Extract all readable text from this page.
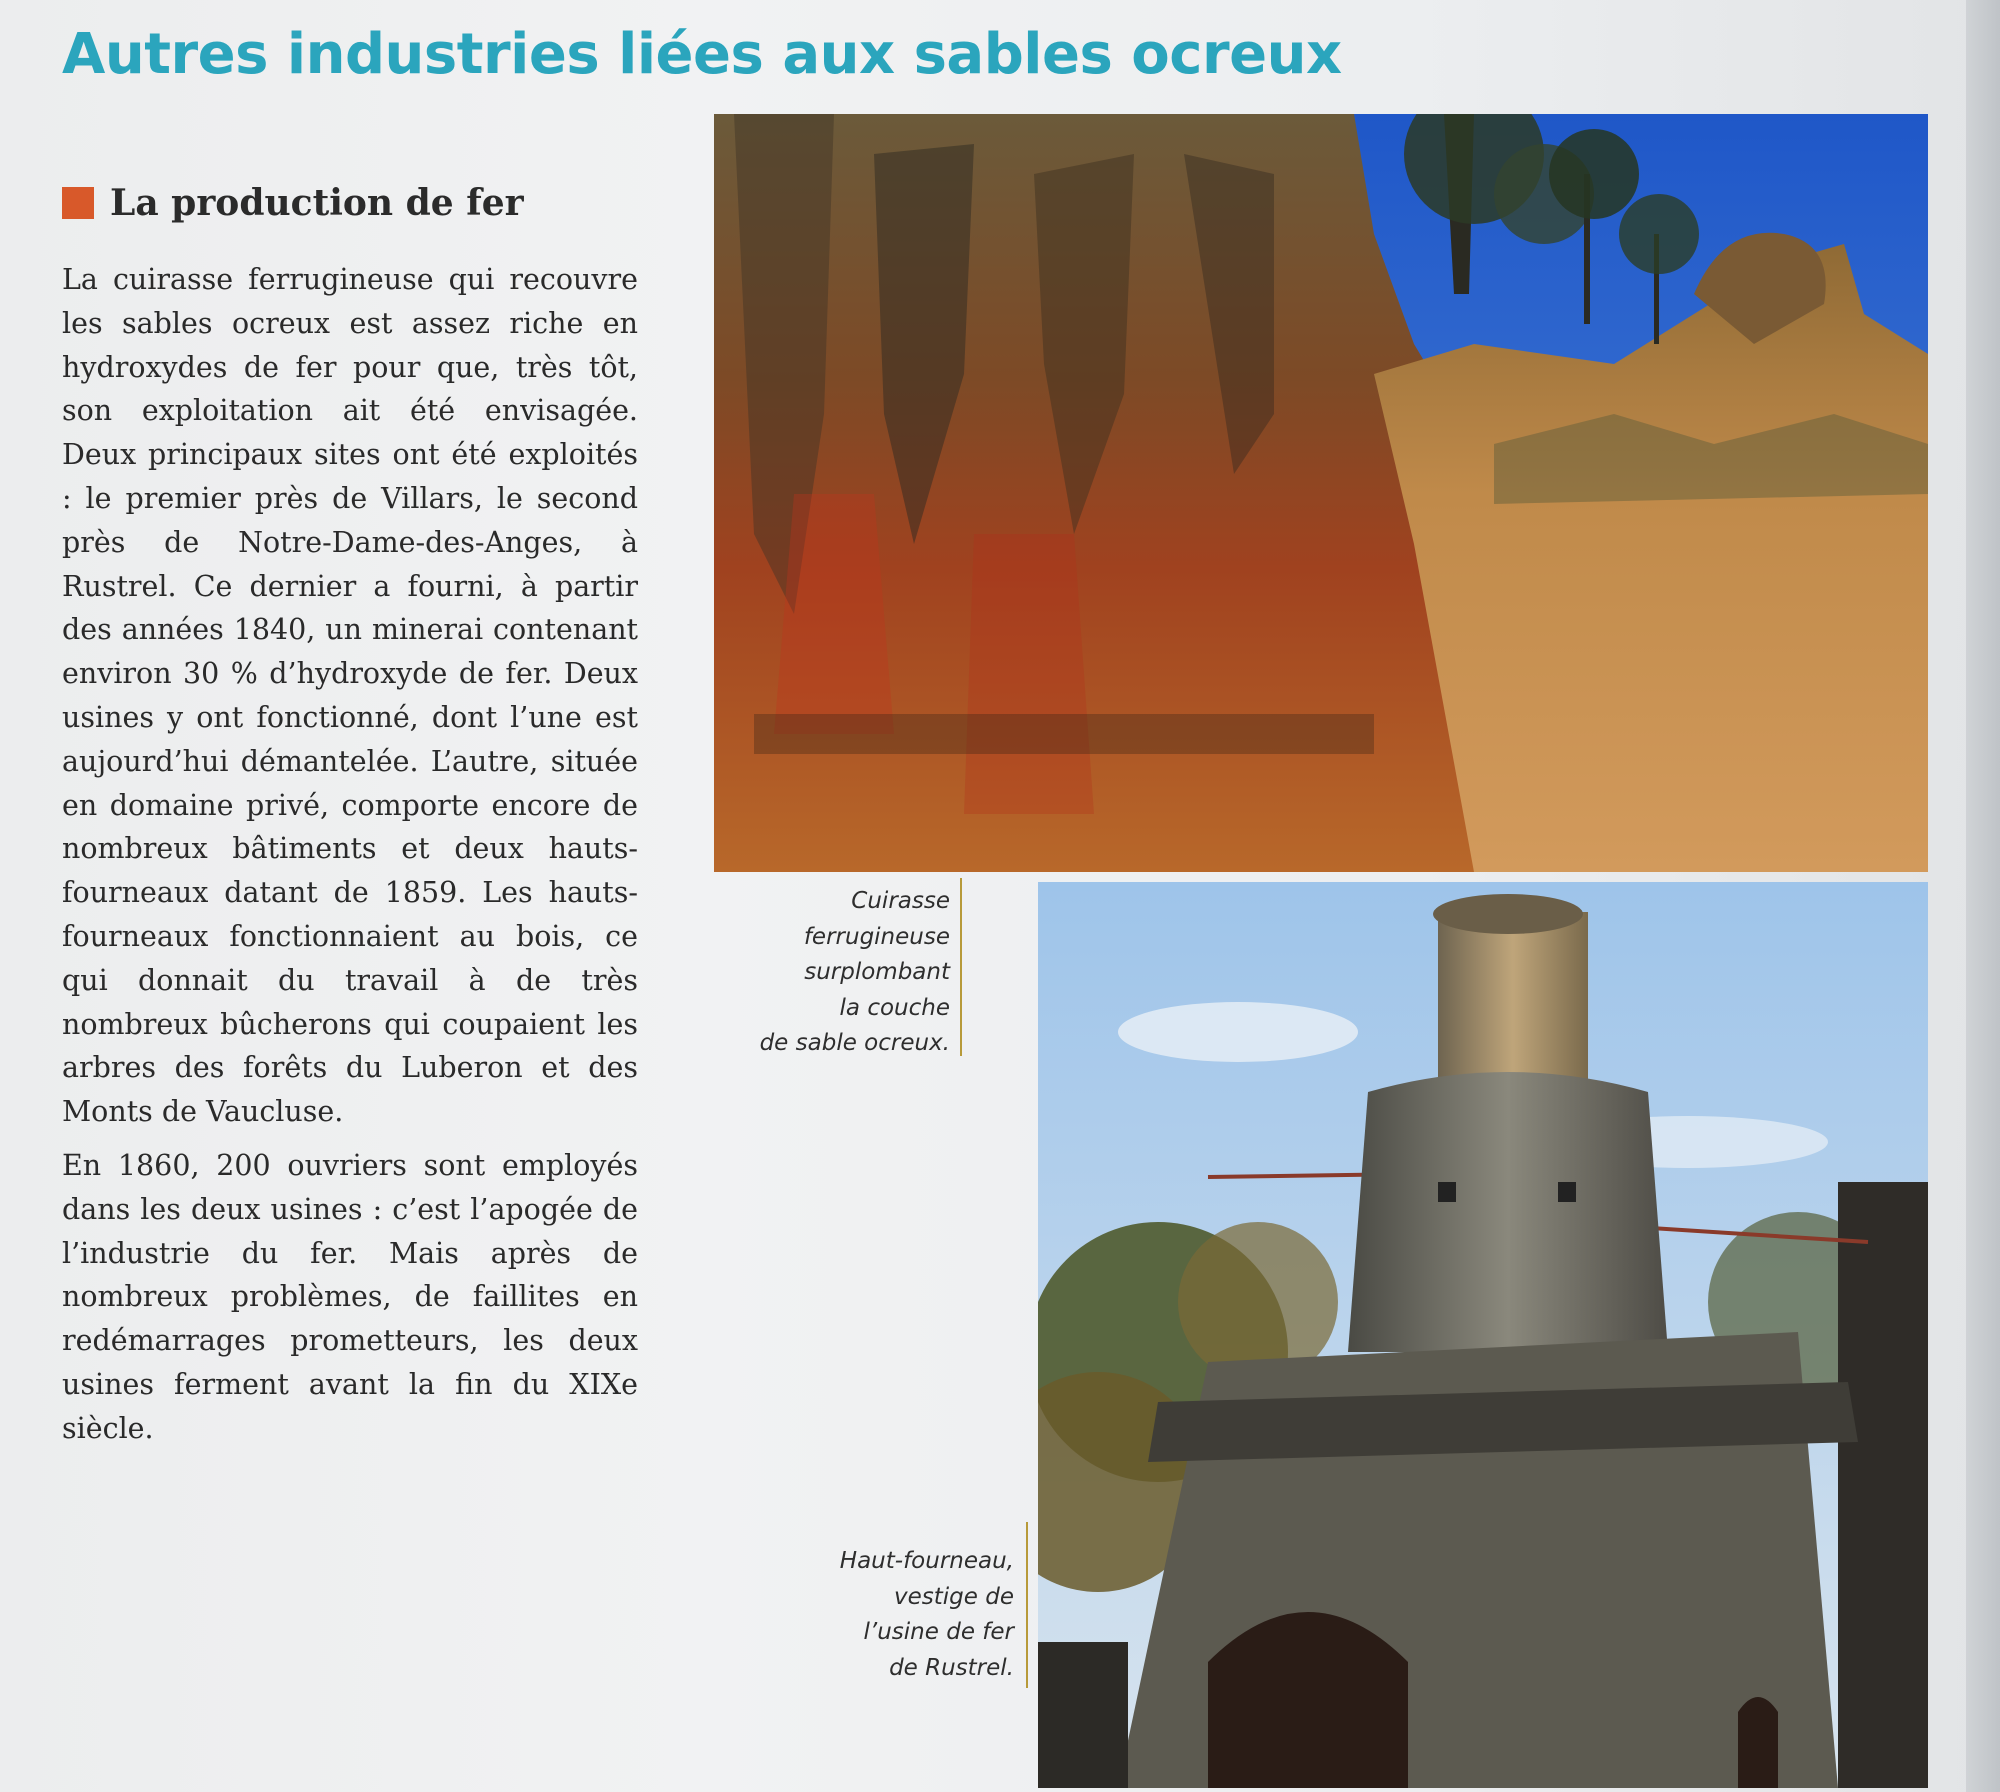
Autres industries liées aux sables ocreux
La production de fer

La cuirasse ferrugineuse qui recouvre les sables ocreux est assez riche en hydroxydes de fer pour que, très tôt, son exploitation ait été envisagée. Deux principaux sites ont été exploités : le premier près de Villars, le second près de Notre-Dame-des-Anges, à Rustrel. Ce dernier a fourni, à partir des années 1840, un minerai contenant environ 30 % d’hydroxyde de fer. Deux usines y ont fonctionné, dont l’une est aujourd’hui démantelée. L’autre, située en domaine privé, comporte encore de nombreux bâtiments et deux hauts-fourneaux datant de 1859. Les hauts-fourneaux fonctionnaient au bois, ce qui donnait du travail à de très nombreux bûcherons qui coupaient les arbres des forêts du Luberon et des Monts de Vaucluse.

En 1860, 200 ouvriers sont employés dans les deux usines : c’est l’apogée de l’industrie du fer. Mais après de nombreux problèmes, de faillites en redémarrages prometteurs, les deux usines ferment avant la fin du XIXe siècle.

Cuirasse
ferrugineuse
surplombant
la couche
de sable ocreux.
Haut-fourneau,
vestige de
l’usine de fer
de Rustrel.
